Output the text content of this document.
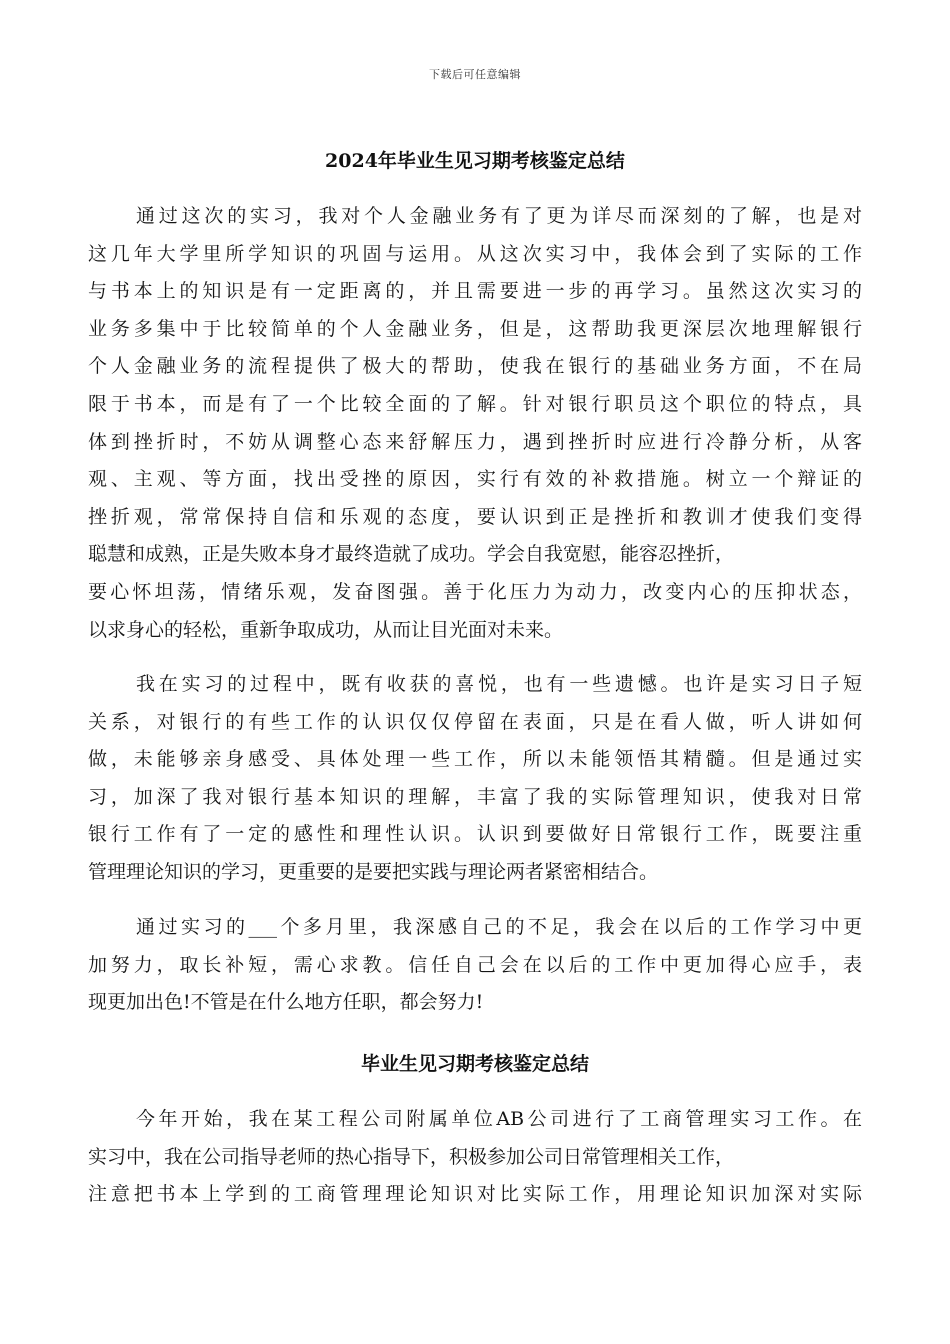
下载后可任意编辑
2024年毕业生见习期考核鉴定总结
通过这次的实习，我对个人金融业务有了更为详尽而深刻的了解，也是对
这几年大学里所学知识的巩固与运用。从这次实习中，我体会到了实际的工作
与书本上的知识是有一定距离的，并且需要进一步的再学习。虽然这次实习的
业务多集中于比较简单的个人金融业务，但是，这帮助我更深层次地理解银行
个人金融业务的流程提供了极大的帮助，使我在银行的基础业务方面，不在局
限于书本，而是有了一个比较全面的了解。针对银行职员这个职位的特点，具
体到挫折时，不妨从调整心态来舒解压力，遇到挫折时应进行冷静分析，从客
观、主观、等方面，找出受挫的原因，实行有效的补救措施。树立一个辩证的
挫折观，常常保持自信和乐观的态度，要认识到正是挫折和教训才使我们变得
聪慧和成熟，正是失败本身才最终造就了成功。学会自我宽慰，能容忍挫折，
要心怀坦荡，情绪乐观，发奋图强。善于化压力为动力，改变内心的压抑状态，
以求身心的轻松，重新争取成功，从而让目光面对未来。
我在实习的过程中，既有收获的喜悦，也有一些遗憾。也许是实习日子短
关系，对银行的有些工作的认识仅仅停留在表面，只是在看人做，听人讲如何
做，未能够亲身感受、具体处理一些工作，所以未能领悟其精髓。但是通过实
习，加深了我对银行基本知识的理解，丰富了我的实际管理知识，使我对日常
银行工作有了一定的感性和理性认识。认识到要做好日常银行工作，既要注重
管理理论知识的学习，更重要的是要把实践与理论两者紧密相结合。
通过实习的___个多月里，我深感自己的不足，我会在以后的工作学习中更
加努力，取长补短，需心求教。信任自己会在以后的工作中更加得心应手，表
现更加出色!不管是在什么地方任职，都会努力!
毕业生见习期考核鉴定总结
今年开始，我在某工程公司附属单位AB公司进行了工商管理实习工作。在
实习中，我在公司指导老师的热心指导下，积极参加公司日常管理相关工作，
注意把书本上学到的工商管理理论知识对比实际工作，用理论知识加深对实际
